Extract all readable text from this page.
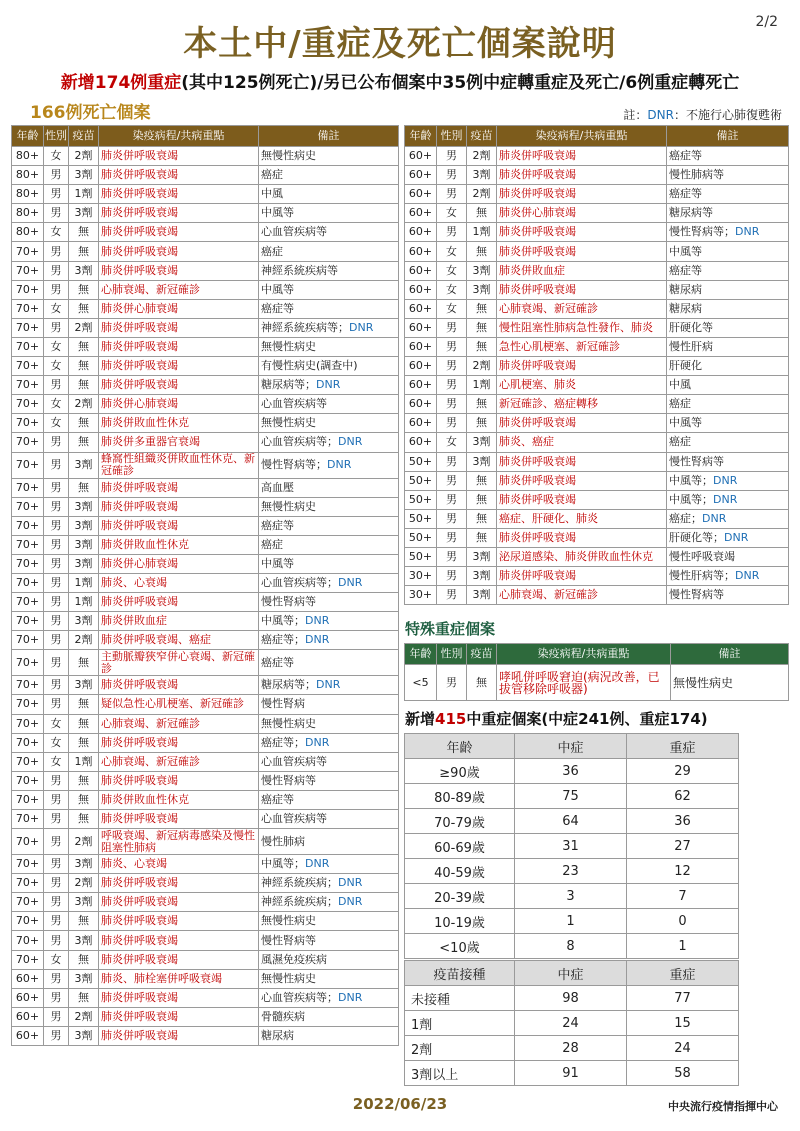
2/2
本土中/重症及死亡個案說明
新增174例重症(其中125例死亡)/另已公布個案中35例中症轉重症及死亡/6例重症轉死亡
166例死亡個案	註：DNR：不施行心肺復甦術
年齡	性別	疫苗	染疫病程/共病重點	備註
80+	女	2劑	肺炎併呼吸衰竭	無慢性病史
80+	男	3劑	肺炎併呼吸衰竭	癌症
80+	男	1劑	肺炎併呼吸衰竭	中風
80+	男	3劑	肺炎併呼吸衰竭	中風等
80+	女	無	肺炎併呼吸衰竭	心血管疾病等
70+	男	無	肺炎併呼吸衰竭	癌症
70+	男	3劑	肺炎併呼吸衰竭	神經系統疾病等
70+	男	無	心肺衰竭、新冠確診	中風等
70+	女	無	肺炎併心肺衰竭	癌症等
70+	男	2劑	肺炎併呼吸衰竭	神經系統疾病等；DNR
70+	女	無	肺炎併呼吸衰竭	無慢性病史
70+	女	無	肺炎併呼吸衰竭	有慢性病史(調查中)
70+	男	無	肺炎併呼吸衰竭	糖尿病等；DNR
70+	女	2劑	肺炎併心肺衰竭	心血管疾病等
70+	女	無	肺炎併敗血性休克	無慢性病史
70+	男	無	肺炎併多重器官衰竭	心血管疾病等；DNR
70+	男	3劑	蜂窩性組織炎併敗血性休克、新冠確診	慢性腎病等；DNR
70+	男	無	肺炎併呼吸衰竭	高血壓
70+	男	3劑	肺炎併呼吸衰竭	無慢性病史
70+	男	3劑	肺炎併呼吸衰竭	癌症等
70+	男	3劑	肺炎併敗血性休克	癌症
70+	男	3劑	肺炎併心肺衰竭	中風等
70+	男	1劑	肺炎、心衰竭	心血管疾病等；DNR
70+	男	1劑	肺炎併呼吸衰竭	慢性腎病等
70+	男	3劑	肺炎併敗血症	中風等；DNR
70+	男	2劑	肺炎併呼吸衰竭、癌症	癌症等；DNR
70+	男	無	主動脈瓣狹窄併心衰竭、新冠確診	癌症等
70+	男	3劑	肺炎併呼吸衰竭	糖尿病等；DNR
70+	男	無	疑似急性心肌梗塞、新冠確診	慢性腎病
70+	女	無	心肺衰竭、新冠確診	無慢性病史
70+	女	無	肺炎併呼吸衰竭	癌症等；DNR
70+	女	1劑	心肺衰竭、新冠確診	心血管疾病等
70+	男	無	肺炎併呼吸衰竭	慢性腎病等
70+	男	無	肺炎併敗血性休克	癌症等
70+	男	無	肺炎併呼吸衰竭	心血管疾病等
70+	男	2劑	呼吸衰竭、新冠病毒感染及慢性阻塞性肺病	慢性肺病
70+	男	3劑	肺炎、心衰竭	中風等；DNR
70+	男	2劑	肺炎併呼吸衰竭	神經系統疾病；DNR
70+	男	3劑	肺炎併呼吸衰竭	神經系統疾病；DNR
70+	男	無	肺炎併呼吸衰竭	無慢性病史
70+	男	3劑	肺炎併呼吸衰竭	慢性腎病等
70+	女	無	肺炎併呼吸衰竭	風濕免疫疾病
60+	男	3劑	肺炎、肺栓塞併呼吸衰竭	無慢性病史
60+	男	無	肺炎併呼吸衰竭	心血管疾病等；DNR
60+	男	2劑	肺炎併呼吸衰竭	骨髓疾病
60+	男	3劑	肺炎併呼吸衰竭	糖尿病
年齡	性別	疫苗	染疫病程/共病重點	備註
60+	男	2劑	肺炎併呼吸衰竭	癌症等
60+	男	3劑	肺炎併呼吸衰竭	慢性肺病等
60+	男	2劑	肺炎併呼吸衰竭	癌症等
60+	女	無	肺炎併心肺衰竭	糖尿病等
60+	男	1劑	肺炎併呼吸衰竭	慢性腎病等；DNR
60+	女	無	肺炎併呼吸衰竭	中風等
60+	女	3劑	肺炎併敗血症	癌症等
60+	女	3劑	肺炎併呼吸衰竭	糖尿病
60+	女	無	心肺衰竭、新冠確診	糖尿病
60+	男	無	慢性阻塞性肺病急性發作、肺炎	肝硬化等
60+	男	無	急性心肌梗塞、新冠確診	慢性肝病
60+	男	2劑	肺炎併呼吸衰竭	肝硬化
60+	男	1劑	心肌梗塞、肺炎	中風
60+	男	無	新冠確診、癌症轉移	癌症
60+	男	無	肺炎併呼吸衰竭	中風等
60+	女	3劑	肺炎、癌症	癌症
50+	男	3劑	肺炎併呼吸衰竭	慢性腎病等
50+	男	無	肺炎併呼吸衰竭	中風等；DNR
50+	男	無	肺炎併呼吸衰竭	中風等；DNR
50+	男	無	癌症、肝硬化、肺炎	癌症；DNR
50+	男	無	肺炎併呼吸衰竭	肝硬化等；DNR
50+	男	3劑	泌尿道感染、肺炎併敗血性休克	慢性呼吸衰竭
30+	男	3劑	肺炎併呼吸衰竭	慢性肝病等；DNR
30+	男	3劑	心肺衰竭、新冠確診	慢性腎病等
特殊重症個案
年齡	性別	疫苗	染疫病程/共病重點	備註
<5	男	無	哮吼併呼吸窘迫(病況改善，已拔管移除呼吸器)	無慢性病史
新增415中重症個案(中症241例、重症174)
年齡	中症	重症
≥90歲	36	29
80-89歲	75	62
70-79歲	64	36
60-69歲	31	27
40-59歲	23	12
20-39歲	3	7
10-19歲	1	0
<10歲	8	1
疫苗接種	中症	重症
未接種	98	77
1劑	24	15
2劑	28	24
3劑以上	91	58
2022/06/23	中央流行疫情指揮中心
